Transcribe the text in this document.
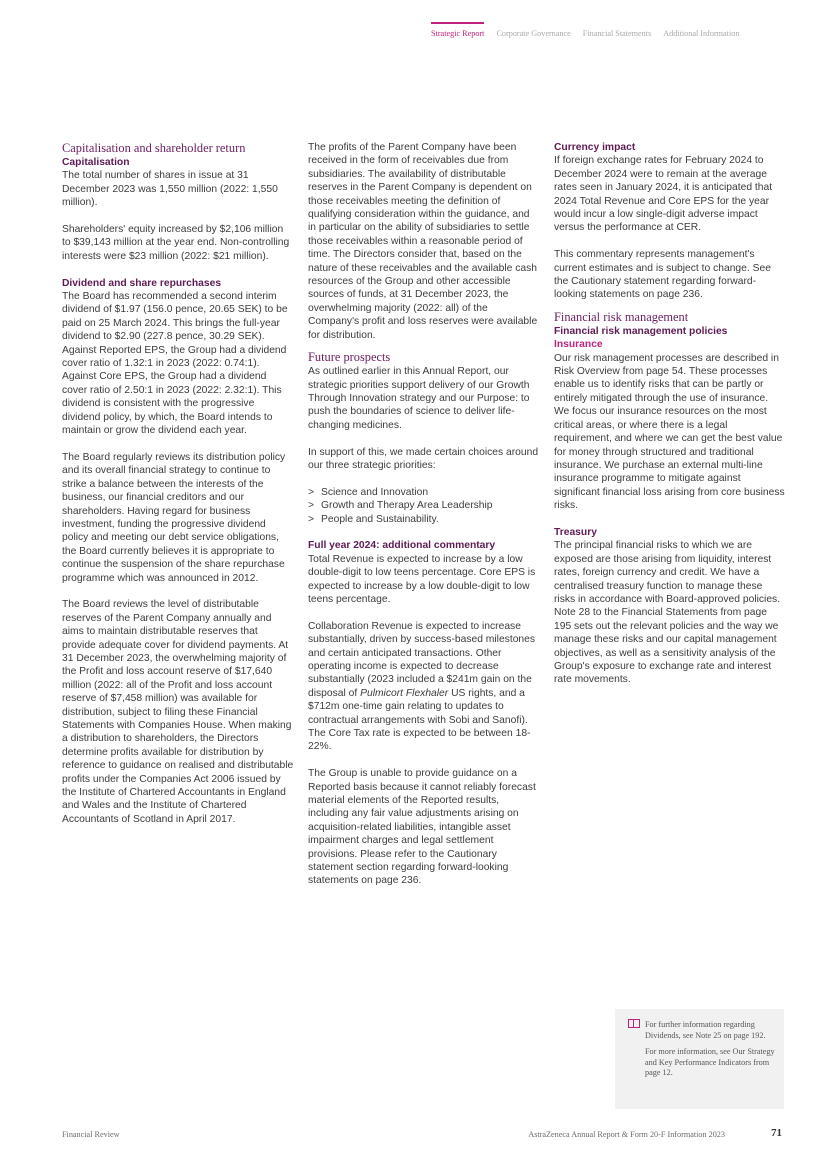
Strategic Report Corporate Governance Financial Statements Additional Information
Capitalisation and shareholder return
Capitalisation

The total number of shares in issue at 31 December 2023 was 1,550 million (2022: 1,550 million).

Shareholders' equity increased by $2,106 million to $39,143 million at the year end. Non-controlling interests were $23 million (2022: $21 million).

Dividend and share repurchases

The Board has recommended a second interim dividend of $1.97 (156.0 pence, 20.65 SEK) to be paid on 25 March 2024. This brings the full-year dividend to $2.90 (227.8 pence, 30.29 SEK). Against Reported EPS, the Group had a dividend cover ratio of 1.32:1 in 2023 (2022: 0.74:1). Against Core EPS, the Group had a dividend cover ratio of 2.50:1 in 2023 (2022: 2.32:1). This dividend is consistent with the progressive dividend policy, by which, the Board intends to maintain or grow the dividend each year.

The Board regularly reviews its distribution policy and its overall financial strategy to continue to strike a balance between the interests of the business, our financial creditors and our shareholders. Having regard for business investment, funding the progressive dividend policy and meeting our debt service obligations, the Board currently believes it is appropriate to continue the suspension of the share repurchase programme which was announced in 2012.

The Board reviews the level of distributable reserves of the Parent Company annually and aims to maintain distributable reserves that provide adequate cover for dividend payments. At 31 December 2023, the overwhelming majority of the Profit and loss account reserve of $17,640 million (2022: all of the Profit and loss account reserve of $7,458 million) was available for distribution, subject to filing these Financial Statements with Companies House. When making a distribution to shareholders, the Directors determine profits available for distribution by reference to guidance on realised and distributable profits under the Companies Act 2006 issued by the Institute of Chartered Accountants in England and Wales and the Institute of Chartered Accountants of Scotland in April 2017.

The profits of the Parent Company have been received in the form of receivables due from subsidiaries. The availability of distributable reserves in the Parent Company is dependent on those receivables meeting the definition of qualifying consideration within the guidance, and in particular on the ability of subsidiaries to settle those receivables within a reasonable period of time. The Directors consider that, based on the nature of these receivables and the available cash resources of the Group and other accessible sources of funds, at 31 December 2023, the overwhelming majority (2022: all) of the Company's profit and loss reserves were available for distribution.

Future prospects

As outlined earlier in this Annual Report, our strategic priorities support delivery of our Growth Through Innovation strategy and our Purpose: to push the boundaries of science to deliver life-changing medicines.

In support of this, we made certain choices around our three strategic priorities:

> Science and Innovation
> Growth and Therapy Area Leadership
> People and Sustainability.
Full year 2024: additional commentary

Total Revenue is expected to increase by a low double-digit to low teens percentage. Core EPS is expected to increase by a low double-digit to low teens percentage.

Collaboration Revenue is expected to increase substantially, driven by success-based milestones and certain anticipated transactions. Other operating income is expected to decrease substantially (2023 included a $241m gain on the disposal of Pulmicort Flexhaler US rights, and a $712m one-time gain relating to updates to contractual arrangements with Sobi and Sanofi). The Core Tax rate is expected to be between 18-22%.

The Group is unable to provide guidance on a Reported basis because it cannot reliably forecast material elements of the Reported results, including any fair value adjustments arising on acquisition-related liabilities, intangible asset impairment charges and legal settlement provisions. Please refer to the Cautionary statement section regarding forward-looking statements on page 236.

Currency impact

If foreign exchange rates for February 2024 to December 2024 were to remain at the average rates seen in January 2024, it is anticipated that 2024 Total Revenue and Core EPS for the year would incur a low single-digit adverse impact versus the performance at CER.

This commentary represents management's current estimates and is subject to change. See the Cautionary statement regarding forward-looking statements on page 236.

Financial risk management
Financial risk management policies
Insurance

Our risk management processes are described in Risk Overview from page 54. These processes enable us to identify risks that can be partly or entirely mitigated through the use of insurance. We focus our insurance resources on the most critical areas, or where there is a legal requirement, and where we can get the best value for money through structured and traditional insurance. We purchase an external multi-line insurance programme to mitigate against significant financial loss arising from core business risks.

Treasury

The principal financial risks to which we are exposed are those arising from liquidity, interest rates, foreign currency and credit. We have a centralised treasury function to manage these risks in accordance with Board-approved policies. Note 28 to the Financial Statements from page 195 sets out the relevant policies and the way we manage these risks and our capital management objectives, as well as a sensitivity analysis of the Group's exposure to exchange rate and interest rate movements.

For further information regarding Dividends, see Note 25 on page 192.

For more information, see Our Strategy and Key Performance Indicators from page 12.

Financial Review	AstraZeneca Annual Report & Form 20-F Information 2023	71
